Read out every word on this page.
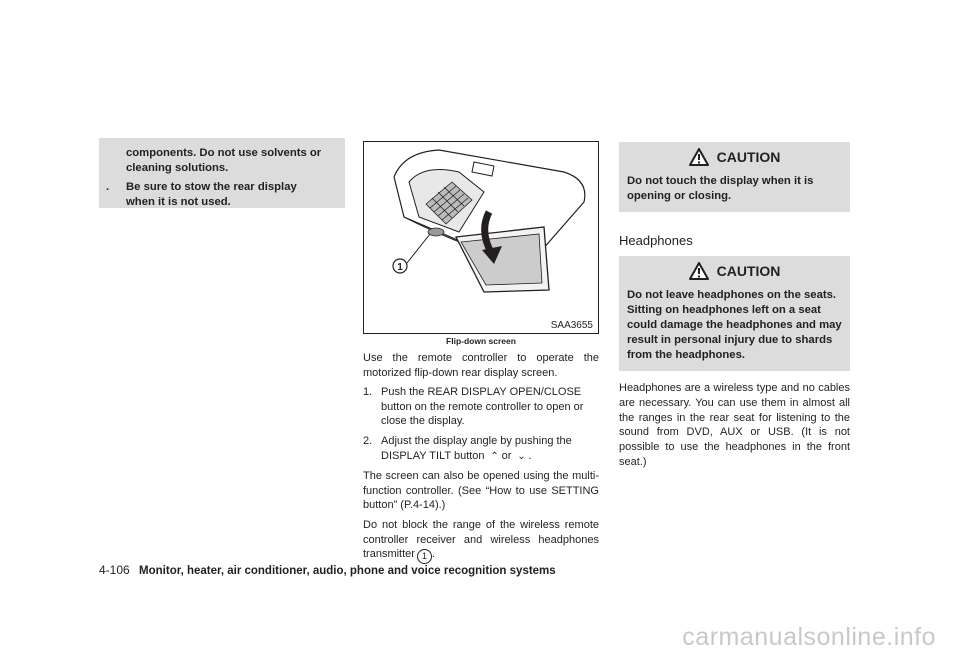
components. Do not use solvents or
cleaning solutions.
. Be sure to stow the rear display
when it is not used.
1
SAA3655
Flip-down screen

Use the remote controller to operate the motorized flip-down rear display screen.

1. Push the REAR DISPLAY OPEN/CLOSE button on the remote controller to open or close the display.
2. Adjust the display angle by pushing the DISPLAY TILT button ⌃ or ⌄ .

The screen can also be opened using the multi-function controller. (See “How to use SETTING button” (P.4-14).)

Do not block the range of the wireless remote controller receiver and wireless headphones transmitter 1 .

CAUTION
Do not touch the display when it is opening or closing.
Headphones
CAUTION
Do not leave headphones on the seats. Sitting on headphones left on a seat could damage the headphones and may result in personal injury due to shards from the headphones.
Headphones are a wireless type and no cables are necessary. You can use them in almost all the ranges in the rear seat for listening to the sound from DVD, AUX or USB. (It is not possible to use the headphones in the front seat.)
4-106 Monitor, heater, air conditioner, audio, phone and voice recognition systems
carmanualsonline.info
